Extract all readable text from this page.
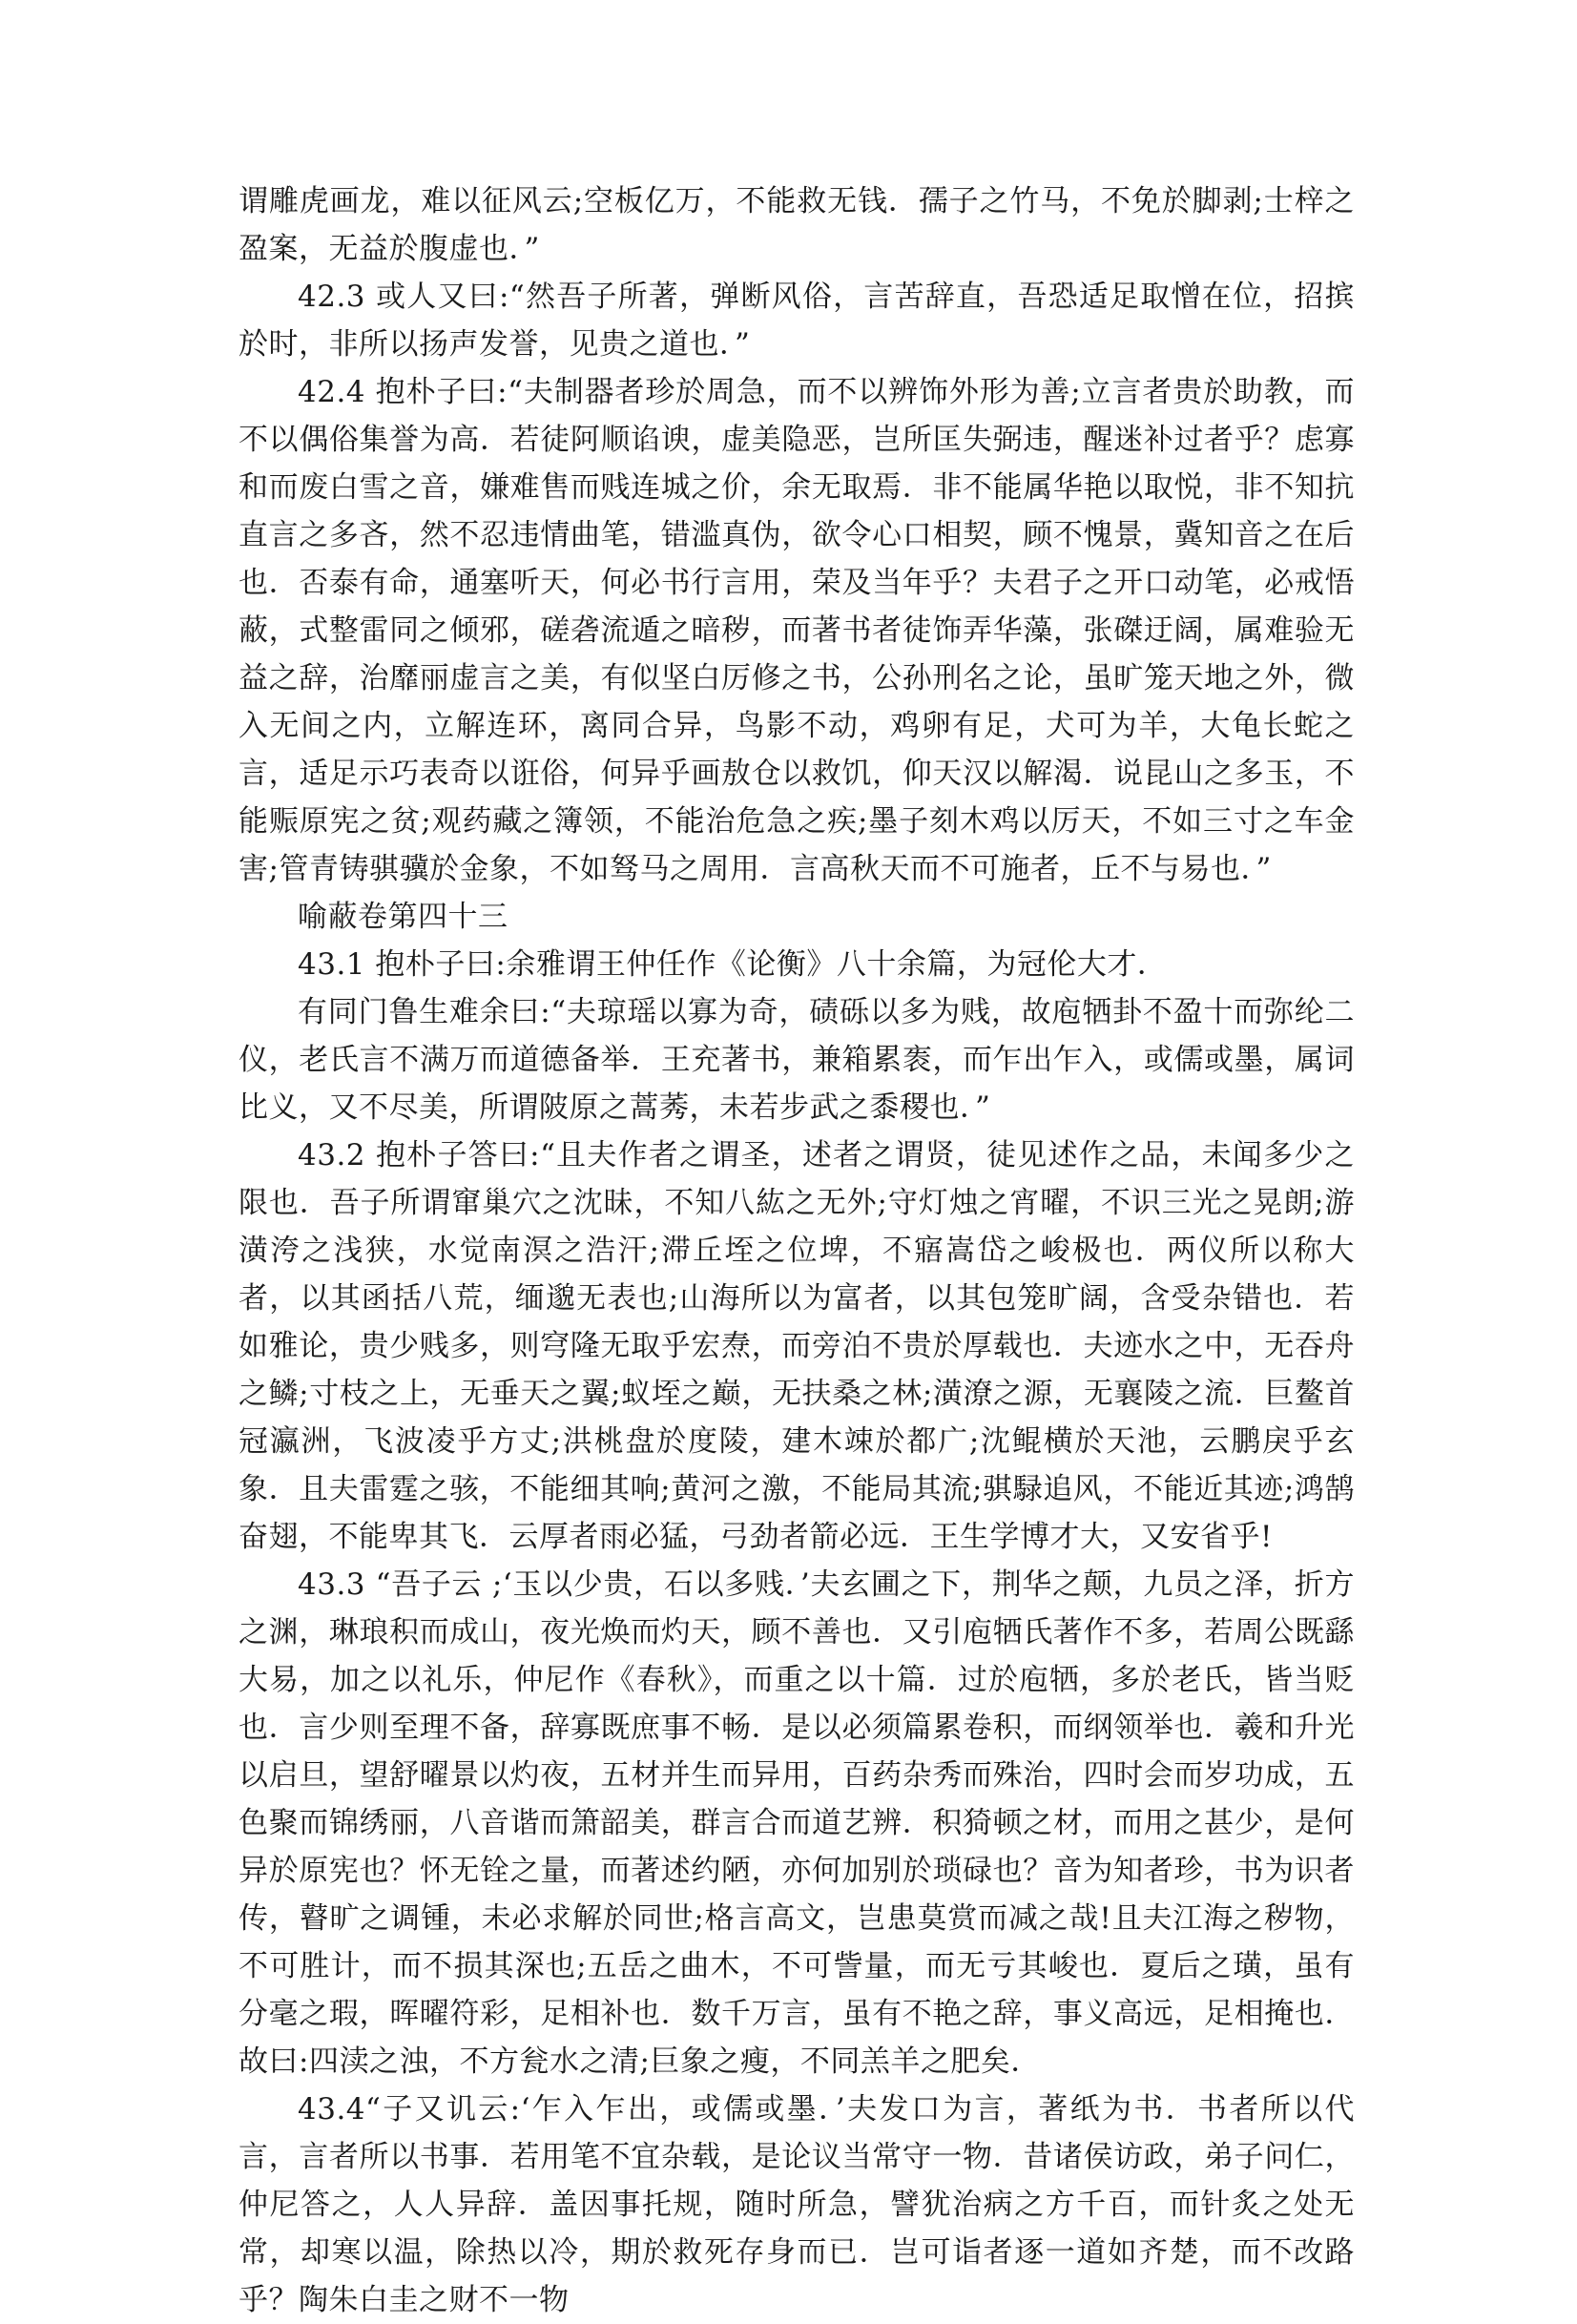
谓雕虎画龙，难以征风云;空板亿万，不能救无钱．孺子之竹马，不免於脚剥;士梓之盈案，无益於腹虚也．”

42.3 或人又曰:“然吾子所著，弹断风俗，言苦辞直，吾恐适足取憎在位，招摈於时，非所以扬声发誉，见贵之道也．”

42.4 抱朴子曰:“夫制器者珍於周急，而不以辨饰外形为善;立言者贵於助教，而不以偶俗集誉为高．若徒阿顺谄谀，虚美隐恶，岂所匡失弼违，醒迷补过者乎？虑寡和而废白雪之音，嫌难售而贱连城之价，余无取焉．非不能属华艳以取悦，非不知抗直言之多吝，然不忍违情曲笔，错滥真伪，欲令心口相契，顾不愧景，冀知音之在后也．否泰有命，通塞听天，何必书行言用，荣及当年乎？夫君子之开口动笔，必戒悟蔽，式整雷同之倾邪，磋砻流遁之暗秽，而著书者徒饰弄华藻，张磔迂阔，属难验无益之辞，治靡丽虚言之美，有似坚白厉修之书，公孙刑名之论，虽旷笼天地之外，微入无间之内，立解连环，离同合异，鸟影不动，鸡卵有足，犬可为羊，大龟长蛇之言，适足示巧表奇以诳俗，何异乎画敖仓以救饥，仰天汉以解渴．说昆山之多玉，不能赈原宪之贫;观药藏之簿领，不能治危急之疾;墨子刻木鸡以厉天，不如三寸之车金害;管青铸骐骥於金象，不如驽马之周用．言高秋天而不可施者，丘不与易也．”

喻蔽卷第四十三

43.1 抱朴子曰:余雅谓王仲任作《论衡》八十余篇，为冠伦大才．

有同门鲁生难余曰:“夫琼瑶以寡为奇，碛砾以多为贱，故庖牺卦不盈十而弥纶二仪，老氏言不满万而道德备举．王充著书，兼箱累袠，而乍出乍入，或儒或墨，属词比义，又不尽美，所谓陂原之蒿莠，未若步武之黍稷也．”

43.2 抱朴子答曰:“且夫作者之谓圣，述者之谓贤，徒见述作之品，未闻多少之限也．吾子所谓窜巢穴之沈昧，不知八紘之无外;守灯烛之宵曜，不识三光之晃朗;游潢洿之浅狭，水觉南溟之浩汗;滞丘垤之位埤，不寤嵩岱之峻极也．两仪所以称大者，以其函括八荒，缅邈无表也;山海所以为富者，以其包笼旷阔，含受杂错也．若如雅论，贵少贱多，则穹隆无取乎宏焘，而旁泊不贵於厚载也．夫迹水之中，无吞舟之鳞;寸枝之上，无垂天之翼;蚁垤之巅，无扶桑之林;潢潦之源，无襄陵之流．巨鳌首冠瀛洲，飞波凌乎方丈;洪桃盘於度陵，建木竦於都广;沈鲲横於天池，云鹏戾乎玄象．且夫雷霆之骇，不能细其响;黄河之激，不能局其流;骐騄追风，不能近其迹;鸿鹄奋翅，不能卑其飞．云厚者雨必猛，弓劲者箭必远．王生学博才大，又安省乎!

43.3 “吾子云 ;‘玉以少贵，石以多贱．’夫玄圃之下，荆华之颠，九员之泽，折方之渊，琳琅积而成山，夜光焕而灼天，顾不善也．又引庖牺氏著作不多，若周公既繇大易，加之以礼乐，仲尼作《春秋》，而重之以十篇．过於庖牺，多於老氏，皆当贬也．言少则至理不备，辞寡既庶事不畅．是以必须篇累卷积，而纲领举也．羲和升光以启旦，望舒曜景以灼夜，五材并生而异用，百药杂秀而殊治，四时会而岁功成，五色聚而锦绣丽，八音谐而箫韶美，群言合而道艺辨．积猗顿之材，而用之甚少，是何异於原宪也？怀无铨之量，而著述约陋，亦何加别於琐碌也？音为知者珍，书为识者传，瞽旷之调锺，未必求解於同世;格言高文，岂患莫赏而减之哉!且夫江海之秽物，不可胜计，而不损其深也;五岳之曲木，不可訾量，而无亏其峻也．夏后之璜，虽有分毫之瑕，晖曜符彩，足相补也．数千万言，虽有不艳之辞，事义高远，足相掩也．故曰:四渎之浊，不方瓮水之清;巨象之瘦，不同羔羊之肥矣．

43.4“子又讥云:‘乍入乍出，或儒或墨．’夫发口为言，著纸为书．书者所以代言，言者所以书事．若用笔不宜杂载，是论议当常守一物．昔诸侯访政，弟子问仁，仲尼答之，人人异辞．盖因事托规，随时所急，譬犹治病之方千百，而针炙之处无常，却寒以温，除热以冷，期於救死存身而已．岂可诣者逐一道如齐楚，而不改路乎？陶朱白圭之财不一物
